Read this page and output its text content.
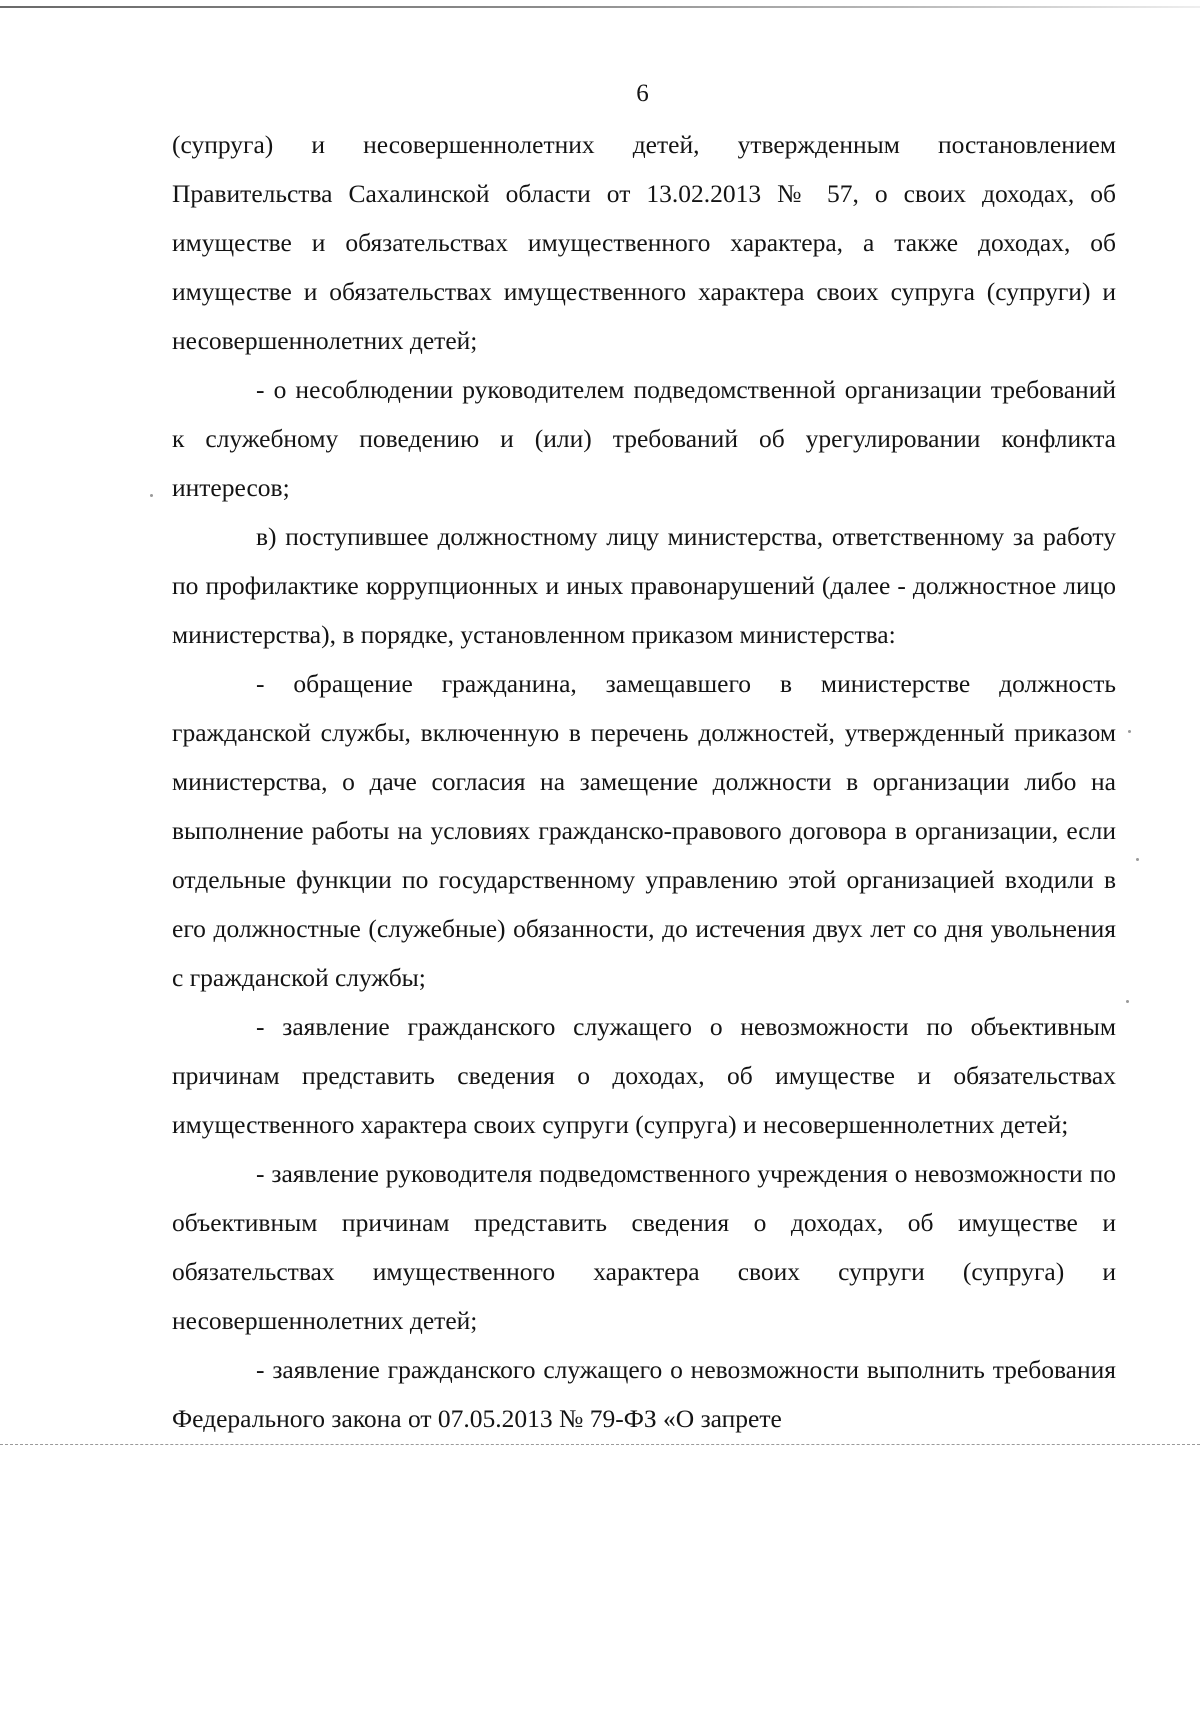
6

(супруга) и несовершеннолетних детей, утвержденным постановлением Правительства Сахалинской области от 13.02.2013 № 57, о своих доходах, об имуществе и обязательствах имущественного характера, а также доходах, об имуществе и обязательствах имущественного характера своих супруга (супруги) и несовершеннолетних детей;

- о несоблюдении руководителем подведомственной организации требований к служебному поведению и (или) требований об урегулировании конфликта интересов;

в) поступившее должностному лицу министерства, ответственному за работу по профилактике коррупционных и иных правонарушений (далее - должностное лицо министерства), в порядке, установленном приказом министерства:

- обращение гражданина, замещавшего в министерстве должность гражданской службы, включенную в перечень должностей, утвержденный приказом министерства, о даче согласия на замещение должности в организации либо на выполнение работы на условиях гражданско-правового договора в организации, если отдельные функции по государственному управлению этой организацией входили в его должностные (служебные) обязанности, до истечения двух лет со дня увольнения с гражданской службы;

- заявление гражданского служащего о невозможности по объективным причинам представить сведения о доходах, об имуществе и обязательствах имущественного характера своих супруги (супруга) и несовершеннолетних детей;

- заявление руководителя подведомственного учреждения о невозможности по объективным причинам представить сведения о доходах, об имуществе и обязательствах имущественного характера своих супруги (супруга) и несовершеннолетних детей;

- заявление гражданского служащего о невозможности выполнить требования Федерального закона от 07.05.2013 № 79-ФЗ «О запрете
